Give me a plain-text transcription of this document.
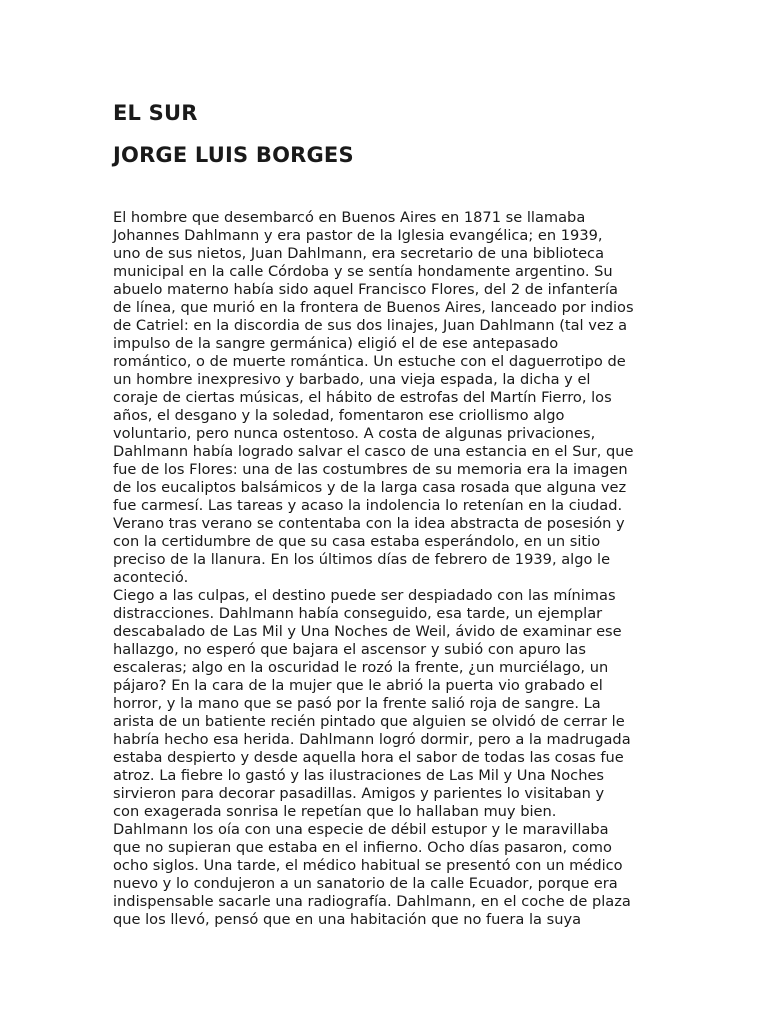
EL SUR
JORGE LUIS BORGES
El hombre que desembarcó en Buenos Aires en 1871 se llamaba
Johannes Dahlmann y era pastor de la Iglesia evangélica; en 1939,
uno de sus nietos, Juan Dahlmann, era secretario de una biblioteca
municipal en la calle Córdoba y se sentía hondamente argentino. Su
abuelo materno había sido aquel Francisco Flores, del 2 de infantería
de línea, que murió en la frontera de Buenos Aires, lanceado por indios
de Catriel: en la discordia de sus dos linajes, Juan Dahlmann (tal vez a
impulso de la sangre germánica) eligió el de ese antepasado
romántico, o de muerte romántica. Un estuche con el daguerrotipo de
un hombre inexpresivo y barbado, una vieja espada, la dicha y el
coraje de ciertas músicas, el hábito de estrofas del Martín Fierro, los
años, el desgano y la soledad, fomentaron ese criollismo algo
voluntario, pero nunca ostentoso. A costa de algunas privaciones,
Dahlmann había logrado salvar el casco de una estancia en el Sur, que
fue de los Flores: una de las costumbres de su memoria era la imagen
de los eucaliptos balsámicos y de la larga casa rosada que alguna vez
fue carmesí. Las tareas y acaso la indolencia lo retenían en la ciudad.
Verano tras verano se contentaba con la idea abstracta de posesión y
con la certidumbre de que su casa estaba esperándolo, en un sitio
preciso de la llanura. En los últimos días de febrero de 1939, algo le
aconteció.
Ciego a las culpas, el destino puede ser despiadado con las mínimas
distracciones. Dahlmann había conseguido, esa tarde, un ejemplar
descabalado de Las Mil y Una Noches de Weil, ávido de examinar ese
hallazgo, no esperó que bajara el ascensor y subió con apuro las
escaleras; algo en la oscuridad le rozó la frente, ¿un murciélago, un
pájaro? En la cara de la mujer que le abrió la puerta vio grabado el
horror, y la mano que se pasó por la frente salió roja de sangre. La
arista de un batiente recién pintado que alguien se olvidó de cerrar le
habría hecho esa herida. Dahlmann logró dormir, pero a la madrugada
estaba despierto y desde aquella hora el sabor de todas las cosas fue
atroz. La fiebre lo gastó y las ilustraciones de Las Mil y Una Noches
sirvieron para decorar pasadillas. Amigos y parientes lo visitaban y
con exagerada sonrisa le repetían que lo hallaban muy bien.
Dahlmann los oía con una especie de débil estupor y le maravillaba
que no supieran que estaba en el infierno. Ocho días pasaron, como
ocho siglos. Una tarde, el médico habitual se presentó con un médico
nuevo y lo condujeron a un sanatorio de la calle Ecuador, porque era
indispensable sacarle una radiografía. Dahlmann, en el coche de plaza
que los llevó, pensó que en una habitación que no fuera la suya
